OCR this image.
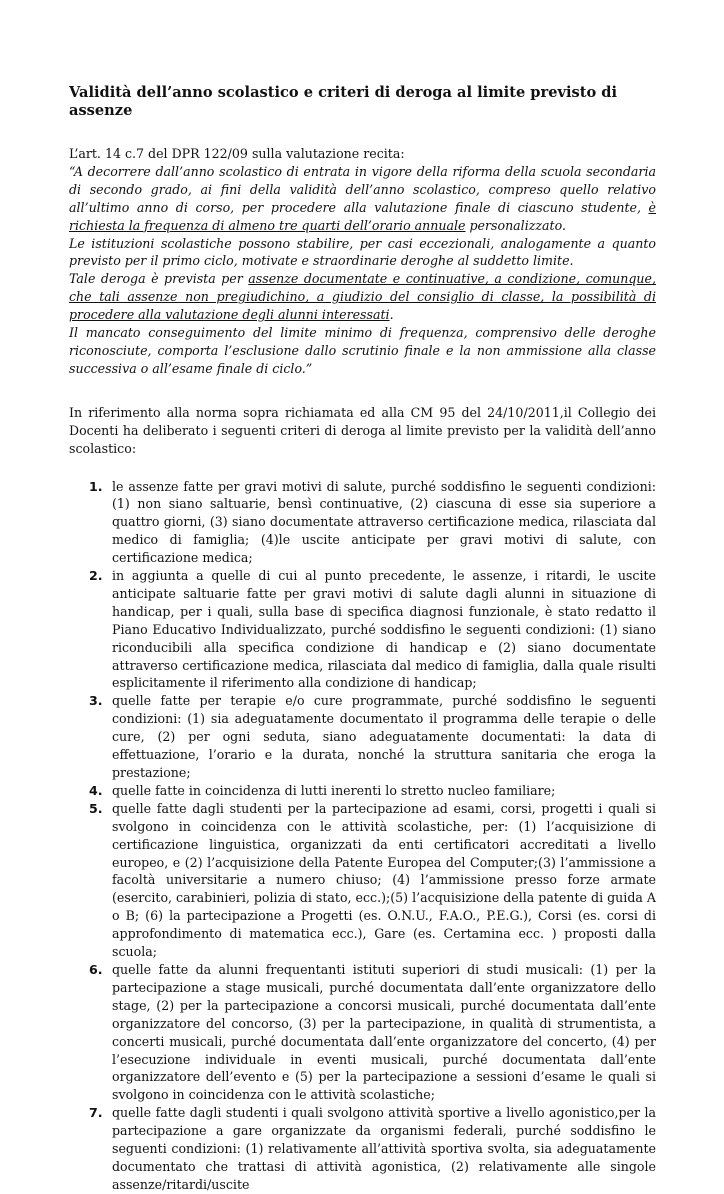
Validità dell’anno scolastico e criteri di deroga al limite previsto di assenze

L’art. 14 c.7 del DPR 122/09 sulla valutazione recita:

“A decorrere dall’anno scolastico di entrata in vigore della riforma della scuola secondaria di secondo grado, ai fini della validità dell’anno scolastico, compreso quello relativo all’ultimo anno di corso, per procedere alla valutazione finale di ciascuno studente, è richiesta la frequenza di almeno tre quarti dell’orario annuale personalizzato.

Le istituzioni scolastiche possono stabilire, per casi eccezionali, analogamente a quanto previsto per il primo ciclo, motivate e straordinarie deroghe al suddetto limite.

Tale deroga è prevista per assenze documentate e continuative, a condizione, comunque, che tali assenze non pregiudichino, a giudizio del consiglio di classe, la possibilità di procedere alla valutazione degli alunni interessati.

Il mancato conseguimento del limite minimo di frequenza, comprensivo delle deroghe riconosciute, comporta l’esclusione dallo scrutinio finale e la non ammissione alla classe successiva o all’esame finale di ciclo.”

In riferimento alla norma sopra richiamata ed alla CM 95 del 24/10/2011,il Collegio dei Docenti ha deliberato i seguenti criteri di deroga al limite previsto per la validità dell’anno scolastico:

1. le assenze fatte per gravi motivi di salute, purché soddisfino le seguenti condizioni: (1) non siano saltuarie, bensì continuative, (2) ciascuna di esse sia superiore a quattro giorni, (3) siano documentate attraverso certificazione medica, rilasciata dal medico di famiglia; (4)le uscite anticipate per gravi motivi di salute, con certificazione medica;
2. in aggiunta a quelle di cui al punto precedente, le assenze, i ritardi, le uscite anticipate saltuarie fatte per gravi motivi di salute dagli alunni in situazione di handicap, per i quali, sulla base di specifica diagnosi funzionale, è stato redatto il Piano Educativo Individualizzato, purché soddisfino le seguenti condizioni: (1) siano riconducibili alla specifica condizione di handicap e (2) siano documentate attraverso certificazione medica, rilasciata dal medico di famiglia, dalla quale risulti esplicitamente il riferimento alla condizione di handicap;
3. quelle fatte per terapie e/o cure programmate, purché soddisfino le seguenti condizioni: (1) sia adeguatamente documentato il programma delle terapie o delle cure, (2) per ogni seduta, siano adeguatamente documentati: la data di effettuazione, l’orario e la durata, nonché la struttura sanitaria che eroga la prestazione;
4. quelle fatte in coincidenza di lutti inerenti lo stretto nucleo familiare;
5. quelle fatte dagli studenti per la partecipazione ad esami, corsi, progetti i quali si svolgono in coincidenza con le attività scolastiche, per: (1) l’acquisizione di certificazione linguistica, organizzati da enti certificatori accreditati a livello europeo, e (2) l’acquisizione della Patente Europea del Computer;(3) l’ammissione a facoltà universitarie a numero chiuso; (4) l’ammissione presso forze armate (esercito, carabinieri, polizia di stato, ecc.);(5) l’acquisizione della patente di guida A o B; (6) la partecipazione a Progetti (es. O.N.U., F.A.O., P.E.G.), Corsi (es. corsi di approfondimento di matematica ecc.), Gare (es. Certamina ecc. ) proposti dalla scuola;
6. quelle fatte da alunni frequentanti istituti superiori di studi musicali: (1) per la partecipazione a stage musicali, purché documentata dall’ente organizzatore dello stage, (2) per la partecipazione a concorsi musicali, purché documentata dall’ente organizzatore del concorso, (3) per la partecipazione, in qualità di strumentista, a concerti musicali, purché documentata dall’ente organizzatore del concerto, (4) per l’esecuzione individuale in eventi musicali, purché documentata dall’ente organizzatore dell’evento e (5) per la partecipazione a sessioni d’esame le quali si svolgono in coincidenza con le attività scolastiche;
7. quelle fatte dagli studenti i quali svolgono attività sportive a livello agonistico,per la partecipazione a gare organizzate da organismi federali, purché soddisfino le seguenti condizioni: (1) relativamente all’attività sportiva svolta, sia adeguatamente documentato che trattasi di attività agonistica, (2) relativamente alle singole assenze/ritardi/uscite
